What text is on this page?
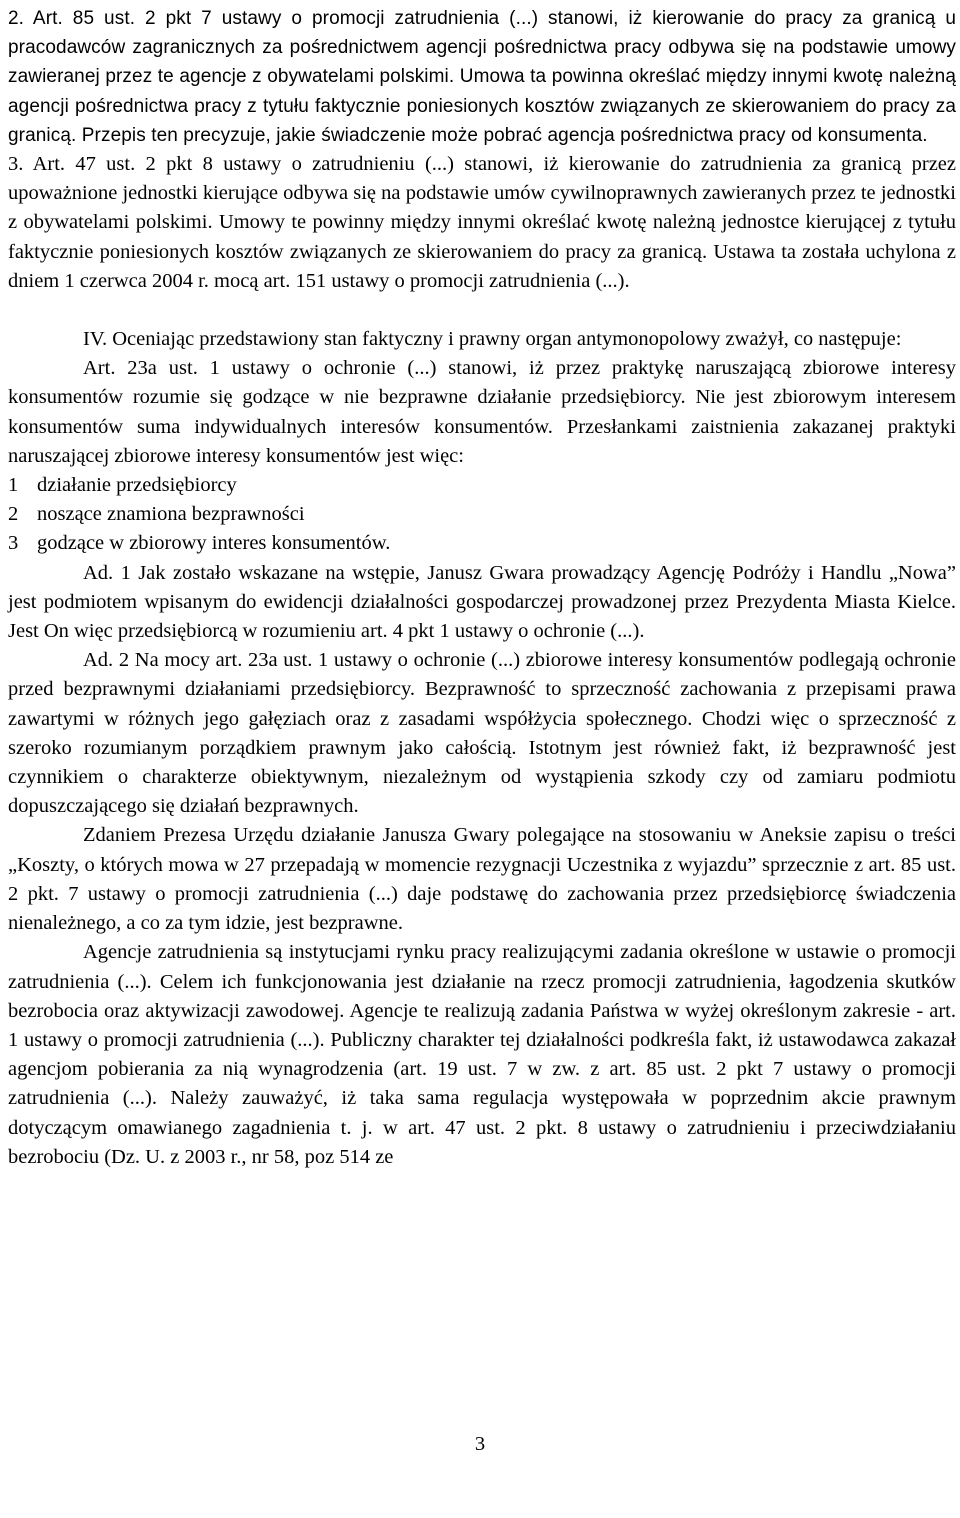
2. Art. 85 ust. 2 pkt 7 ustawy o promocji zatrudnienia (...) stanowi, iż kierowanie do pracy za granicą u pracodawców zagranicznych za pośrednictwem agencji pośrednictwa pracy odbywa się na podstawie umowy zawieranej przez te agencje z obywatelami polskimi. Umowa ta powinna określać między innymi kwotę należną agencji pośrednictwa pracy z tytułu faktycznie poniesionych kosztów związanych ze skierowaniem do pracy za granicą. Przepis ten precyzuje, jakie świadczenie może pobrać agencja pośrednictwa pracy od konsumenta.

3. Art. 47 ust. 2 pkt 8 ustawy o zatrudnieniu (...) stanowi, iż kierowanie do zatrudnienia za granicą przez upoważnione jednostki kierujące odbywa się na podstawie umów cywilnoprawnych zawieranych przez te jednostki z obywatelami polskimi. Umowy te powinny między innymi określać kwotę należną jednostce kierującej z tytułu faktycznie poniesionych kosztów związanych ze skierowaniem do pracy za granicą. Ustawa ta została uchylona z dniem 1 czerwca 2004 r. mocą art. 151 ustawy o promocji zatrudnienia (...).

IV. Oceniając przedstawiony stan faktyczny i prawny organ antymonopolowy zważył, co następuje:

Art. 23a ust. 1 ustawy o ochronie (...) stanowi, iż przez praktykę naruszającą zbiorowe interesy konsumentów rozumie się godzące w nie bezprawne działanie przedsiębiorcy. Nie jest zbiorowym interesem konsumentów suma indywidualnych interesów konsumentów. Przesłankami zaistnienia zakazanej praktyki naruszającej zbiorowe interesy konsumentów jest więc:

1 działanie przedsiębiorcy
2 noszące znamiona bezprawności
3 godzące w zbiorowy interes konsumentów.

Ad. 1 Jak zostało wskazane na wstępie, Janusz Gwara prowadzący Agencję Podróży i Handlu „Nowa” jest podmiotem wpisanym do ewidencji działalności gospodarczej prowadzonej przez Prezydenta Miasta Kielce. Jest On więc przedsiębiorcą w rozumieniu art. 4 pkt 1 ustawy o ochronie (...).

Ad. 2 Na mocy art. 23a ust. 1 ustawy o ochronie (...) zbiorowe interesy konsumentów podlegają ochronie przed bezprawnymi działaniami przedsiębiorcy. Bezprawność to sprzeczność zachowania z przepisami prawa zawartymi w różnych jego gałęziach oraz z zasadami współżycia społecznego. Chodzi więc o sprzeczność z szeroko rozumianym porządkiem prawnym jako całością. Istotnym jest również fakt, iż bezprawność jest czynnikiem o charakterze obiektywnym, niezależnym od wystąpienia szkody czy od zamiaru podmiotu dopuszczającego się działań bezprawnych.

Zdaniem Prezesa Urzędu działanie Janusza Gwary polegające na stosowaniu w Aneksie zapisu o treści „Koszty, o których mowa w 27 przepadają w momencie rezygnacji Uczestnika z wyjazdu” sprzecznie z art. 85 ust. 2 pkt. 7 ustawy o promocji zatrudnienia (...) daje podstawę do zachowania przez przedsiębiorcę świadczenia nienależnego, a co za tym idzie, jest bezprawne.

Agencje zatrudnienia są instytucjami rynku pracy realizującymi zadania określone w ustawie o promocji zatrudnienia (...). Celem ich funkcjonowania jest działanie na rzecz promocji zatrudnienia, łagodzenia skutków bezrobocia oraz aktywizacji zawodowej. Agencje te realizują zadania Państwa w wyżej określonym zakresie - art. 1 ustawy o promocji zatrudnienia (...). Publiczny charakter tej działalności podkreśla fakt, iż ustawodawca zakazał agencjom pobierania za nią wynagrodzenia (art. 19 ust. 7 w zw. z art. 85 ust. 2 pkt 7 ustawy o promocji zatrudnienia (...). Należy zauważyć, iż taka sama regulacja występowała w poprzednim akcie prawnym dotyczącym omawianego zagadnienia t. j. w art. 47 ust. 2 pkt. 8 ustawy o zatrudnieniu i przeciwdziałaniu bezrobociu (Dz. U. z 2003 r., nr 58, poz 514 ze

3
